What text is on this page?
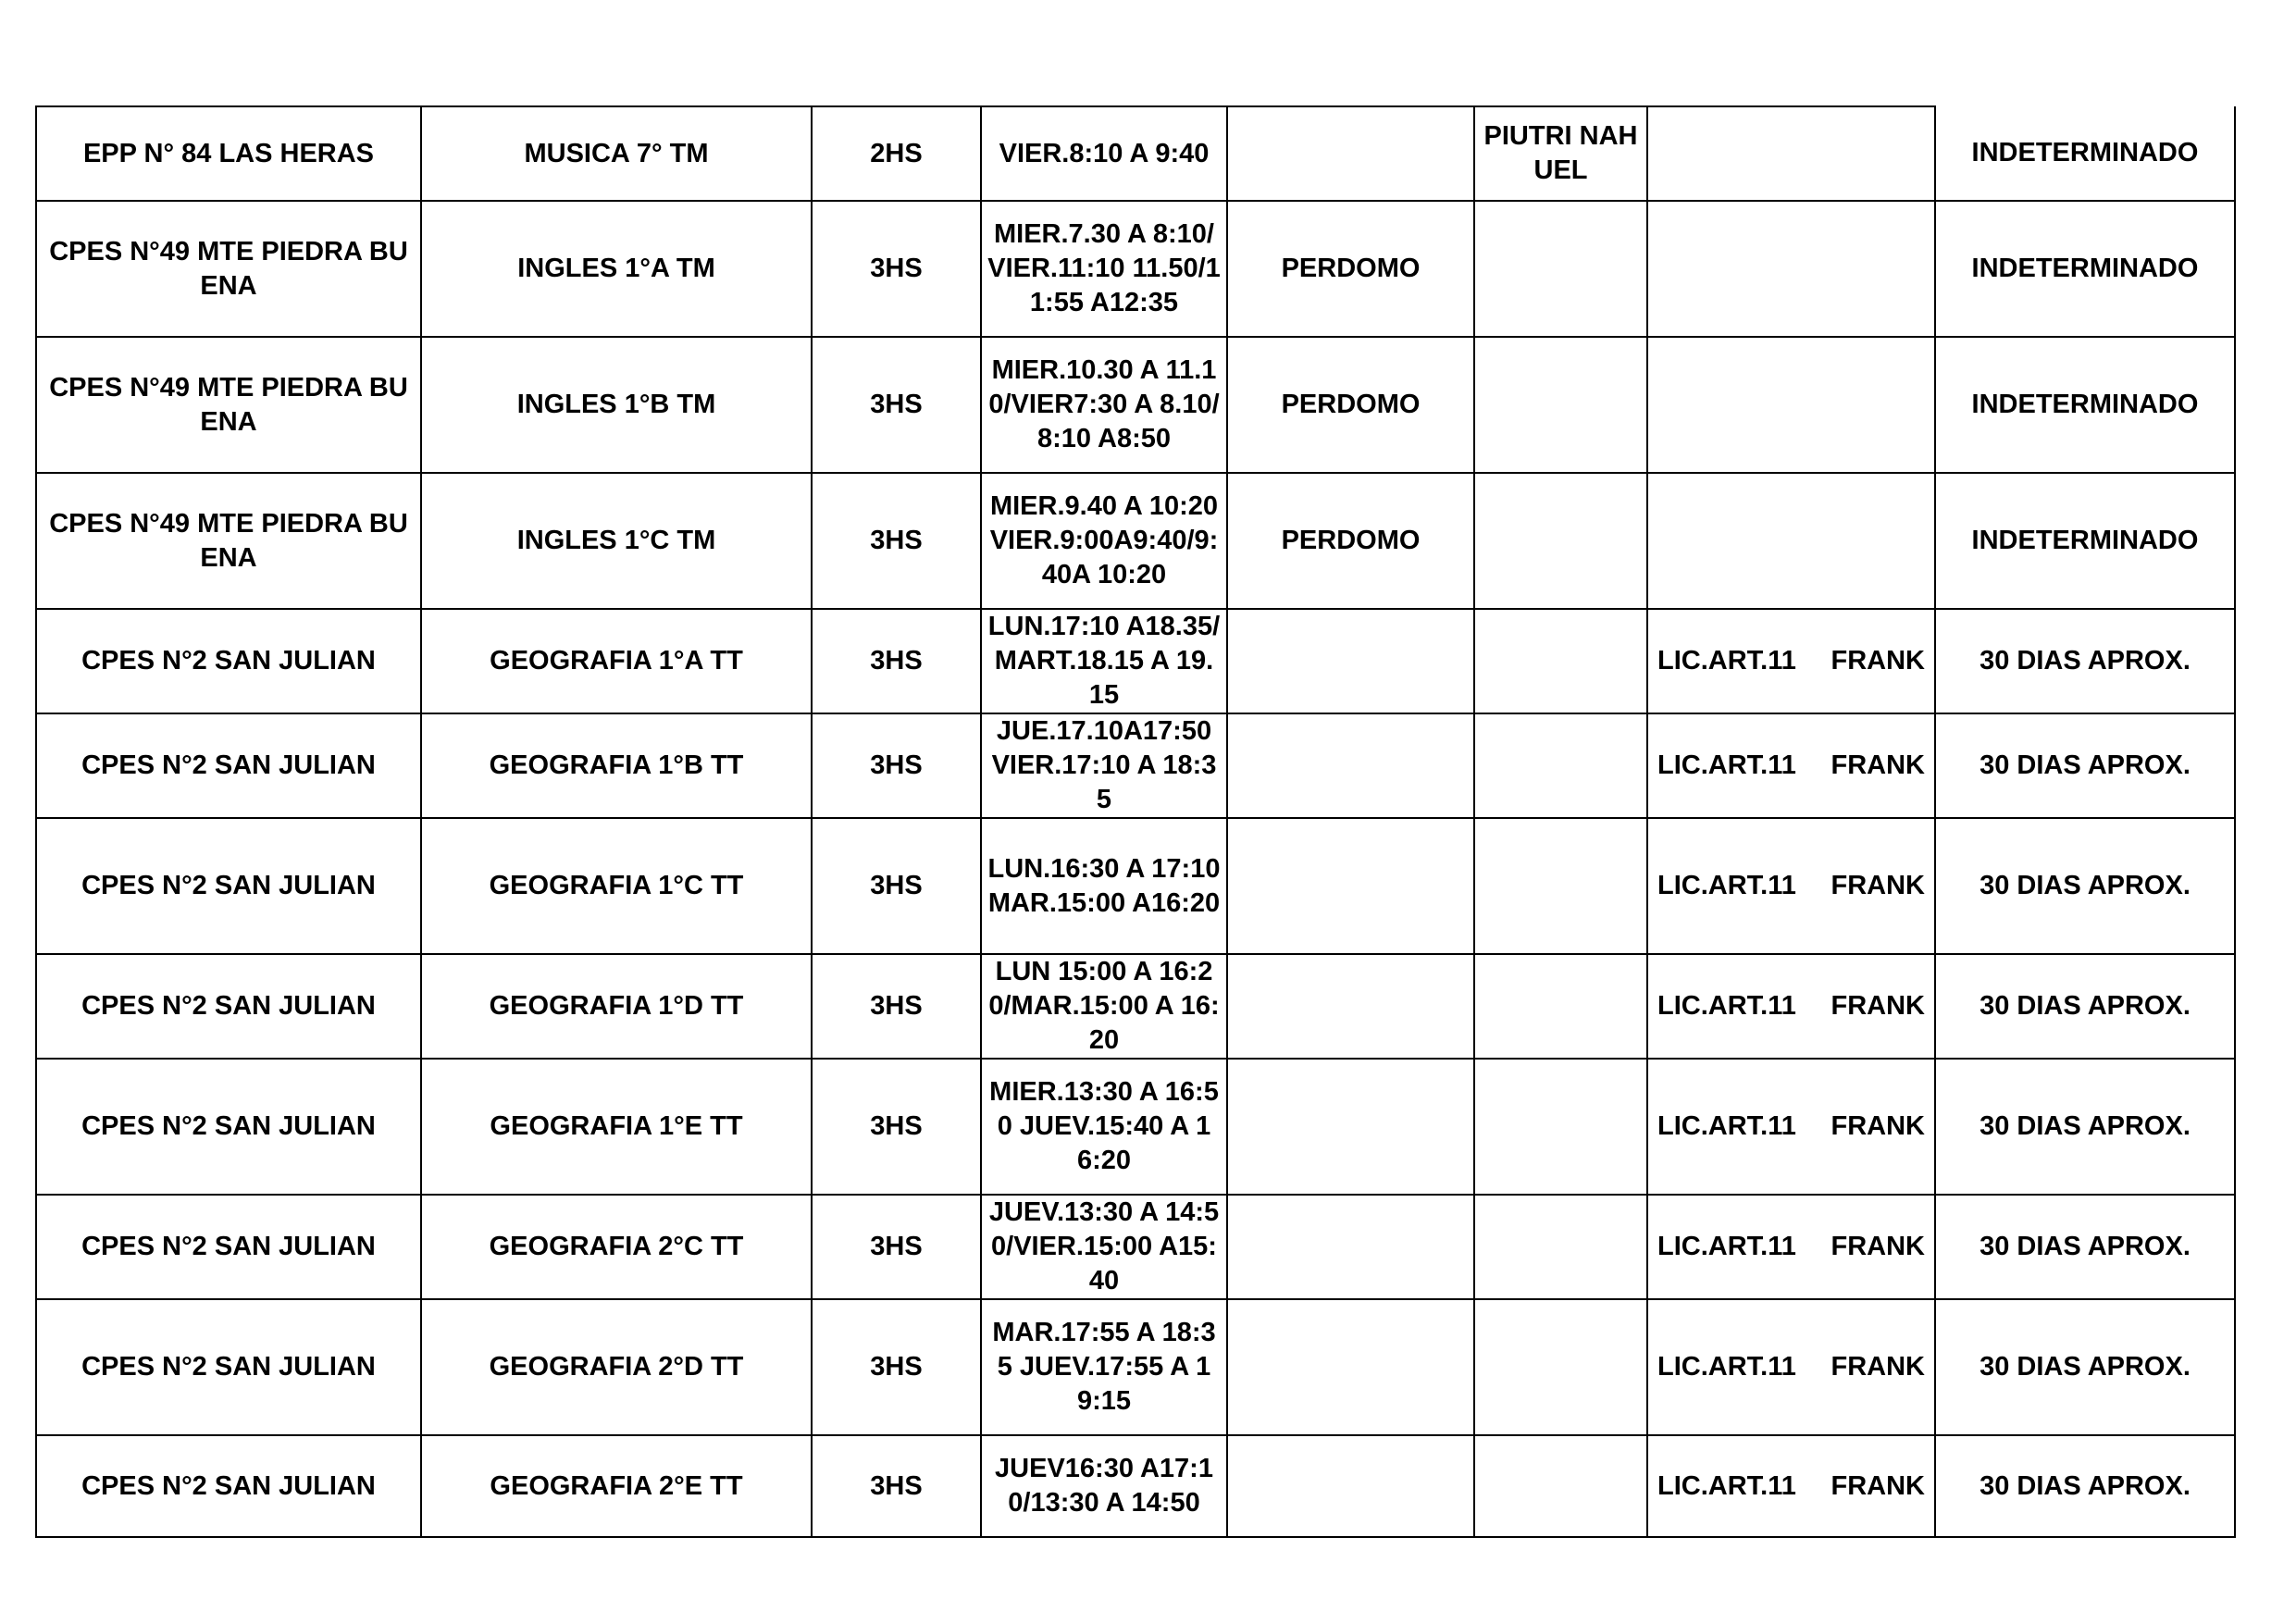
EPP N° 84 LAS HERAS	MUSICA 7° TM	2HS	VIER.8:10 A 9:40		PIUTRI NAHUEL		INDETERMINADO
CPES N°49 MTE PIEDRA BUENA	INGLES 1°A TM	3HS	MIER.7.30 A 8:10/VIER.11:10 11.50/11:55 A12:35	PERDOMO			INDETERMINADO
CPES N°49 MTE PIEDRA BUENA	INGLES 1°B TM	3HS	MIER.10.30 A 11.10/VIER7:30 A 8.10/8:10 A8:50	PERDOMO			INDETERMINADO
CPES N°49 MTE PIEDRA BUENA	INGLES 1°C TM	3HS	MIER.9.40 A 10:20 VIER.9:00A9:40/9:40A 10:20	PERDOMO			INDETERMINADO
CPES N°2 SAN JULIAN	GEOGRAFIA 1°A TT	3HS	LUN.17:10 A18.35/MART.18.15 A 19.15			LIC.ART.11 FRANK	30 DIAS APROX.
CPES N°2 SAN JULIAN	GEOGRAFIA 1°B TT	3HS	JUE.17.10A17:50 VIER.17:10 A 18:35			LIC.ART.11 FRANK	30 DIAS APROX.
CPES N°2 SAN JULIAN	GEOGRAFIA 1°C TT	3HS	LUN.16:30 A 17:10 MAR.15:00 A16:20			LIC.ART.11 FRANK	30 DIAS APROX.
CPES N°2 SAN JULIAN	GEOGRAFIA 1°D TT	3HS	LUN 15:00 A 16:20/MAR.15:00 A 16:20			LIC.ART.11 FRANK	30 DIAS APROX.
CPES N°2 SAN JULIAN	GEOGRAFIA 1°E TT	3HS	MIER.13:30 A 16:50 JUEV.15:40 A 16:20			LIC.ART.11 FRANK	30 DIAS APROX.
CPES N°2 SAN JULIAN	GEOGRAFIA 2°C TT	3HS	JUEV.13:30 A 14:50/VIER.15:00 A15:40			LIC.ART.11 FRANK	30 DIAS APROX.
CPES N°2 SAN JULIAN	GEOGRAFIA 2°D TT	3HS	MAR.17:55 A 18:35 JUEV.17:55 A 19:15			LIC.ART.11 FRANK	30 DIAS APROX.
CPES N°2 SAN JULIAN	GEOGRAFIA 2°E TT	3HS	JUEV16:30 A17:10/13:30 A 14:50			LIC.ART.11 FRANK	30 DIAS APROX.
